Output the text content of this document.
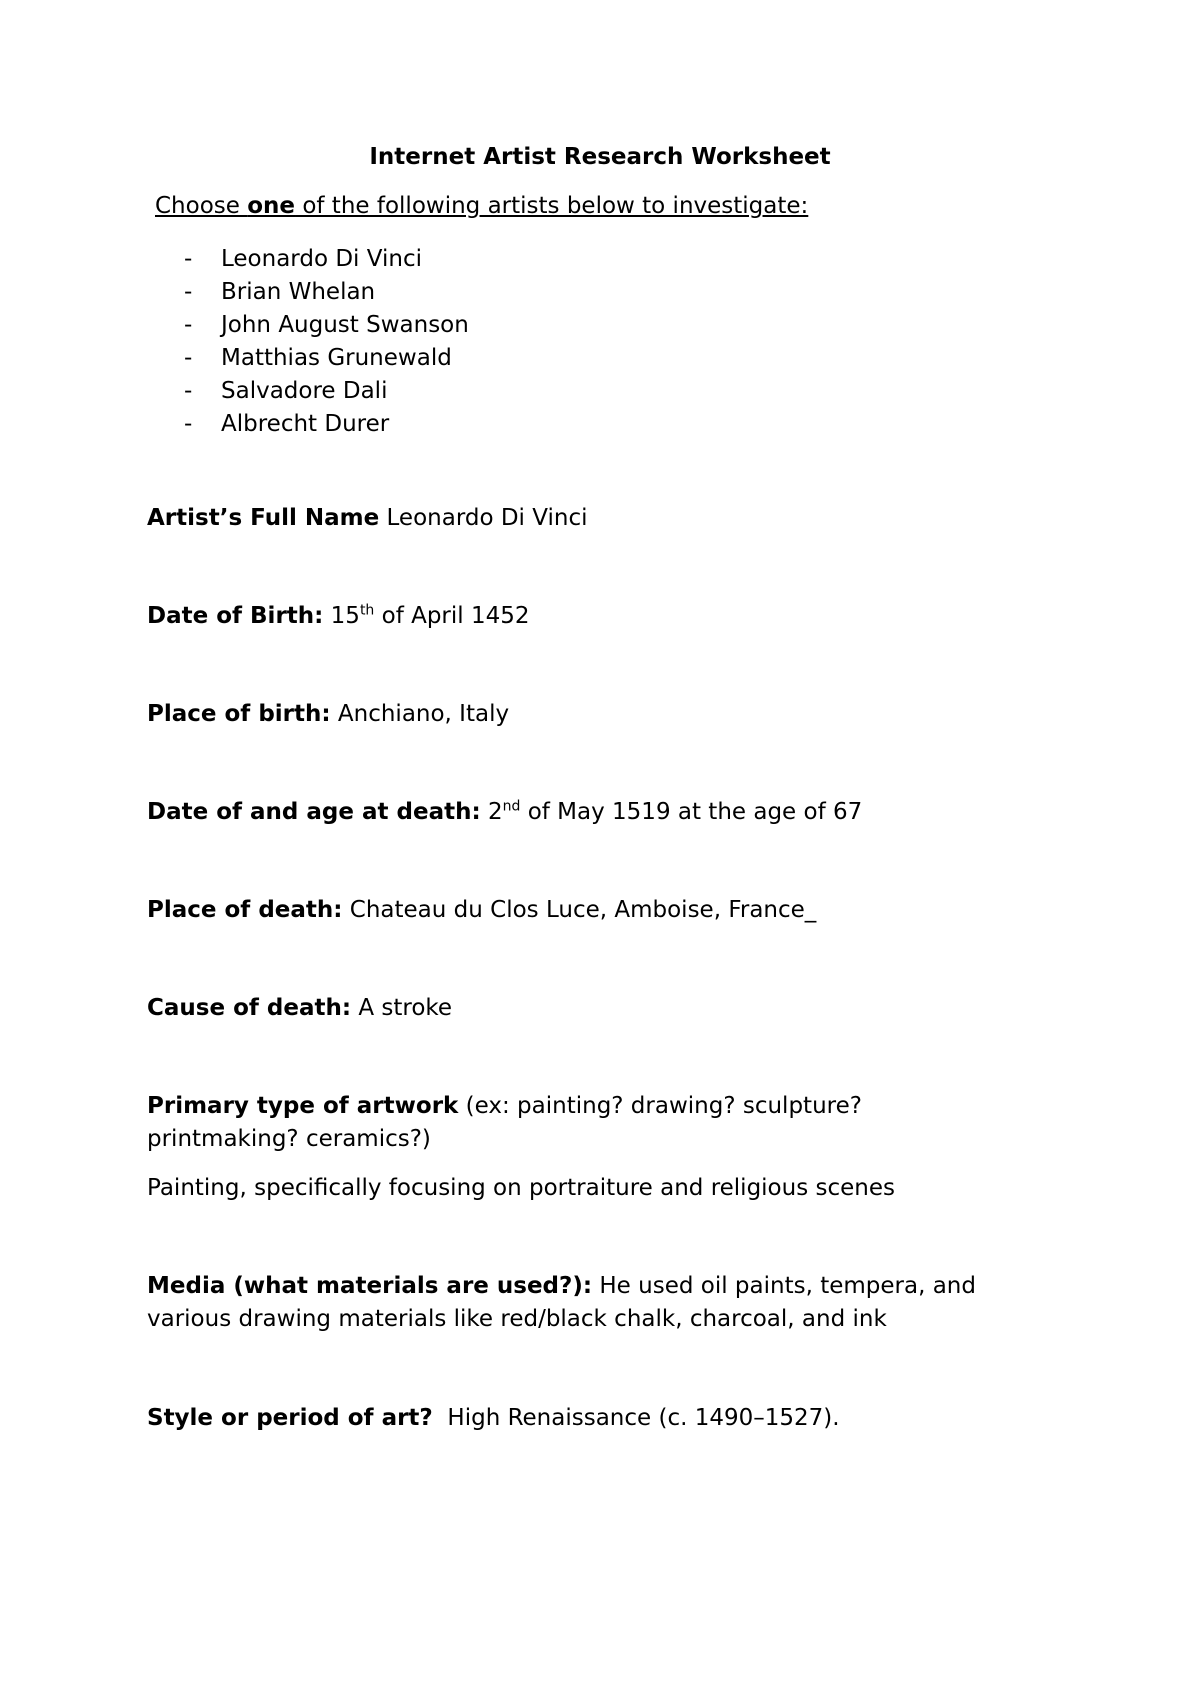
Internet Artist Research Worksheet

Choose one of the following artists below to investigate:

- Leonardo Di Vinci
- Brian Whelan
- John August Swanson
- Matthias Grunewald
- Salvadore Dali
- Albrecht Durer

Artist’s Full Name Leonardo Di Vinci

Date of Birth: 15th of April 1452

Place of birth: Anchiano, Italy

Date of and age at death: 2nd of May 1519 at the age of 67

Place of death: Chateau du Clos Luce, Amboise, France_

Cause of death: A stroke

Primary type of artwork (ex: painting? drawing? sculpture? printmaking? ceramics?)

Painting, specifically focusing on portraiture and religious scenes

Media (what materials are used?): He used oil paints, tempera, and various drawing materials like red/black chalk, charcoal, and ink

Style or period of art?  High Renaissance (c. 1490–1527).
